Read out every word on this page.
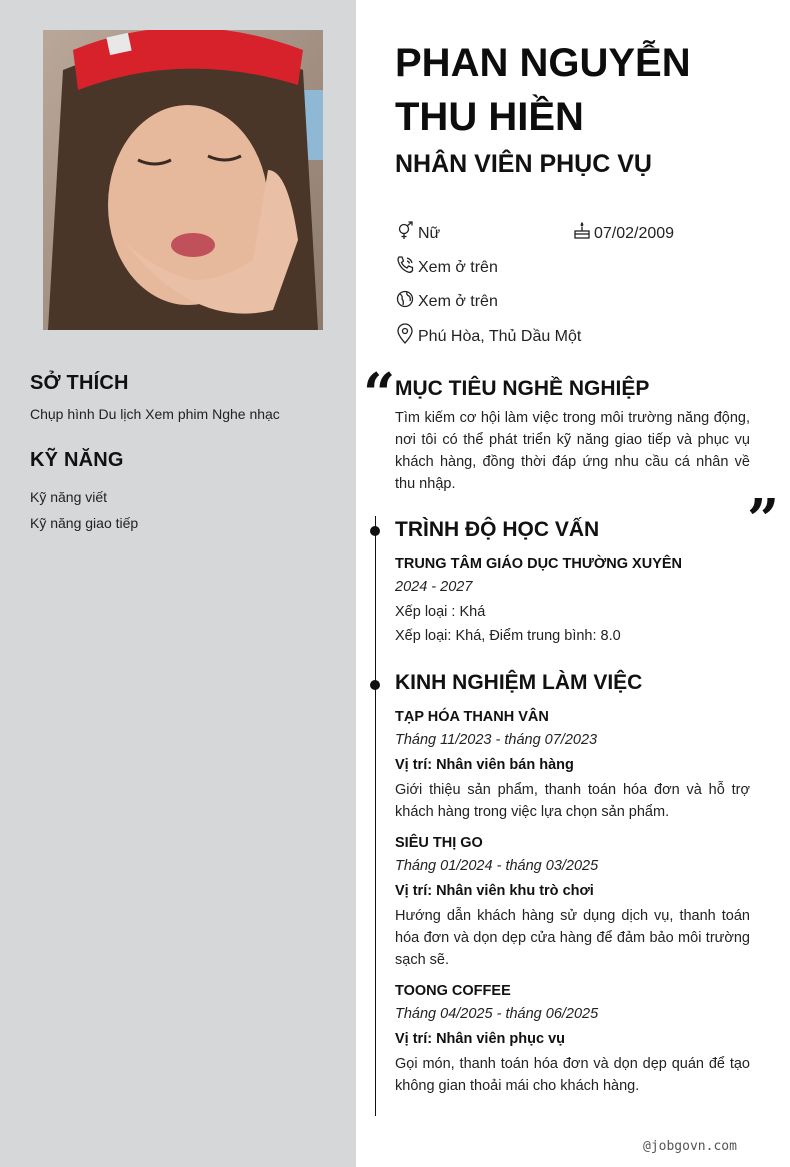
SỞ THÍCH
Chụp hình Du lịch Xem phim Nghe nhạc
KỸ NĂNG
Kỹ năng viết
Kỹ năng giao tiếp
PHAN NGUYỄN THU HIỀN
NHÂN VIÊN PHỤC VỤ
Nữ	07/02/2009
Xem ở trên
Xem ở trên
Phú Hòa, Thủ Dầu Một
“ MỤC TIÊU NGHỀ NGHIỆP
Tìm kiếm cơ hội làm việc trong môi trường năng động, nơi tôi có thể phát triển kỹ năng giao tiếp và phục vụ khách hàng, đồng thời đáp ứng nhu cầu cá nhân về thu nhập.
”
TRÌNH ĐỘ HỌC VẤN
TRUNG TÂM GIÁO DỤC THƯỜNG XUYÊN
2024 - 2027
Xếp loại : Khá
Xếp loại: Khá, Điểm trung bình: 8.0
KINH NGHIỆM LÀM VIỆC
TẠP HÓA THANH VÂN
Tháng 11/2023 - tháng 07/2023
Vị trí: Nhân viên bán hàng
Giới thiệu sản phẩm, thanh toán hóa đơn và hỗ trợ khách hàng trong việc lựa chọn sản phẩm.
SIÊU THỊ GO
Tháng 01/2024 - tháng 03/2025
Vị trí: Nhân viên khu trò chơi
Hướng dẫn khách hàng sử dụng dịch vụ, thanh toán hóa đơn và dọn dẹp cửa hàng để đảm bảo môi trường sạch sẽ.
TOONG COFFEE
Tháng 04/2025 - tháng 06/2025
Vị trí: Nhân viên phục vụ
Gọi món, thanh toán hóa đơn và dọn dẹp quán để tạo không gian thoải mái cho khách hàng.
@jobgovn.com
